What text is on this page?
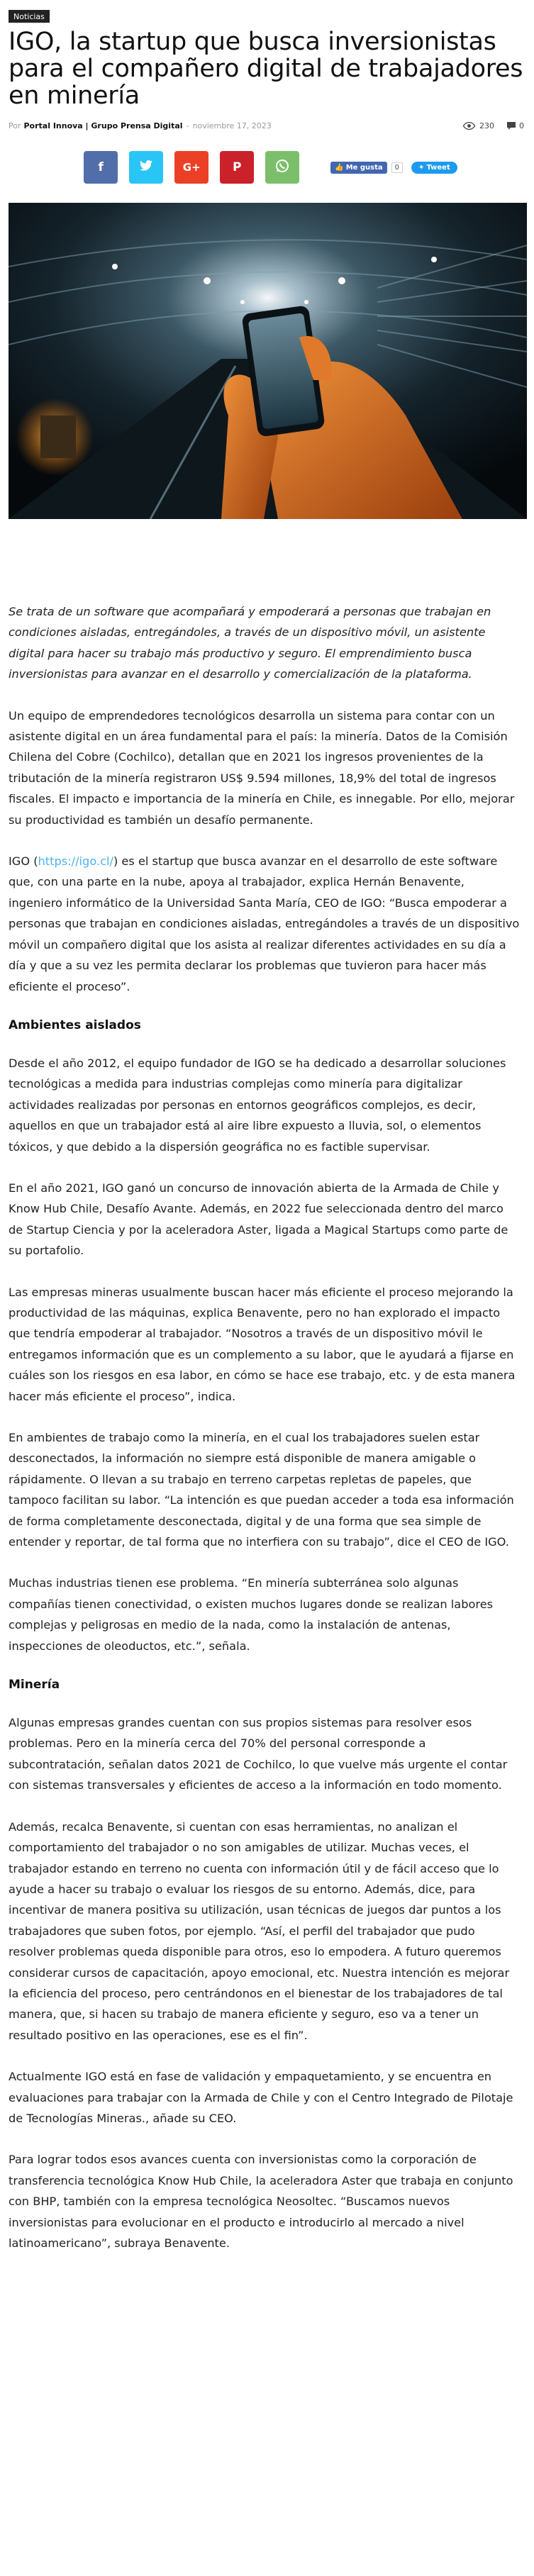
Noticias
IGO, la startup que busca inversionistas para el compañero digital de trabajadores en minería
Por Portal Innova | Grupo Prensa Digital - noviembre 17, 2023	230	0
f	G+	P	👍 Me gusta	0	✦ Tweet

Se trata de un software que acompañará y empoderará a personas que trabajan en condiciones aisladas, entregándoles, a través de un dispositivo móvil, un asistente digital para hacer su trabajo más productivo y seguro. El emprendimiento busca inversionistas para avanzar en el desarrollo y comercialización de la plataforma.

Un equipo de emprendedores tecnológicos desarrolla un sistema para contar con un asistente digital en un área fundamental para el país: la minería. Datos de la Comisión Chilena del Cobre (Cochilco), detallan que en 2021 los ingresos provenientes de la tributación de la minería registraron US$ 9.594 millones, 18,9% del total de ingresos fiscales. El impacto e importancia de la minería en Chile, es innegable. Por ello, mejorar su productividad es también un desafío permanente.

IGO (https://igo.cl/) es el startup que busca avanzar en el desarrollo de este software que, con una parte en la nube, apoya al trabajador, explica Hernán Benavente, ingeniero informático de la Universidad Santa María, CEO de IGO: “Busca empoderar a personas que trabajan en condiciones aisladas, entregándoles a través de un dispositivo móvil un compañero digital que los asista al realizar diferentes actividades en su día a día y que a su vez les permita declarar los problemas que tuvieron para hacer más eficiente el proceso”.

Ambientes aislados

Desde el año 2012, el equipo fundador de IGO se ha dedicado a desarrollar soluciones tecnológicas a medida para industrias complejas como minería para digitalizar actividades realizadas por personas en entornos geográficos complejos, es decir, aquellos en que un trabajador está al aire libre expuesto a lluvia, sol, o elementos tóxicos, y que debido a la dispersión geográfica no es factible supervisar.

En el año 2021, IGO ganó un concurso de innovación abierta de la Armada de Chile y Know Hub Chile, Desafío Avante. Además, en 2022 fue seleccionada dentro del marco de Startup Ciencia y por la aceleradora Aster, ligada a Magical Startups como parte de su portafolio.

Las empresas mineras usualmente buscan hacer más eficiente el proceso mejorando la productividad de las máquinas, explica Benavente, pero no han explorado el impacto que tendría empoderar al trabajador. “Nosotros a través de un dispositivo móvil le entregamos información que es un complemento a su labor, que le ayudará a fijarse en cuáles son los riesgos en esa labor, en cómo se hace ese trabajo, etc. y de esta manera hacer más eficiente el proceso”, indica.

En ambientes de trabajo como la minería, en el cual los trabajadores suelen estar desconectados, la información no siempre está disponible de manera amigable o rápidamente. O llevan a su trabajo en terreno carpetas repletas de papeles, que tampoco facilitan su labor. “La intención es que puedan acceder a toda esa información de forma completamente desconectada, digital y de una forma que sea simple de entender y reportar, de tal forma que no interfiera con su trabajo”, dice el CEO de IGO.

Muchas industrias tienen ese problema. “En minería subterránea solo algunas compañías tienen conectividad, o existen muchos lugares donde se realizan labores complejas y peligrosas en medio de la nada, como la instalación de antenas, inspecciones de oleoductos, etc.”, señala.

Minería

Algunas empresas grandes cuentan con sus propios sistemas para resolver esos problemas. Pero en la minería cerca del 70% del personal corresponde a subcontratación, señalan datos 2021 de Cochilco, lo que vuelve más urgente el contar con sistemas transversales y eficientes de acceso a la información en todo momento.

Además, recalca Benavente, si cuentan con esas herramientas, no analizan el comportamiento del trabajador o no son amigables de utilizar. Muchas veces, el trabajador estando en terreno no cuenta con información útil y de fácil acceso que lo ayude a hacer su trabajo o evaluar los riesgos de su entorno. Además, dice, para incentivar de manera positiva su utilización, usan técnicas de juegos dar puntos a los trabajadores que suben fotos, por ejemplo. “Así, el perfil del trabajador que pudo resolver problemas queda disponible para otros, eso lo empodera. A futuro queremos considerar cursos de capacitación, apoyo emocional, etc. Nuestra intención es mejorar la eficiencia del proceso, pero centrándonos en el bienestar de los trabajadores de tal manera, que, si hacen su trabajo de manera eficiente y seguro, eso va a tener un resultado positivo en las operaciones, ese es el fin”.

Actualmente IGO está en fase de validación y empaquetamiento, y se encuentra en evaluaciones para trabajar con la Armada de Chile y con el Centro Integrado de Pilotaje de Tecnologías Mineras., añade su CEO.

Para lograr todos esos avances cuenta con inversionistas como la corporación de transferencia tecnológica Know Hub Chile, la aceleradora Aster que trabaja en conjunto con BHP, también con la empresa tecnológica Neosoltec. “Buscamos nuevos inversionistas para evolucionar en el producto e introducirlo al mercado a nivel latinoamericano”, subraya Benavente.
